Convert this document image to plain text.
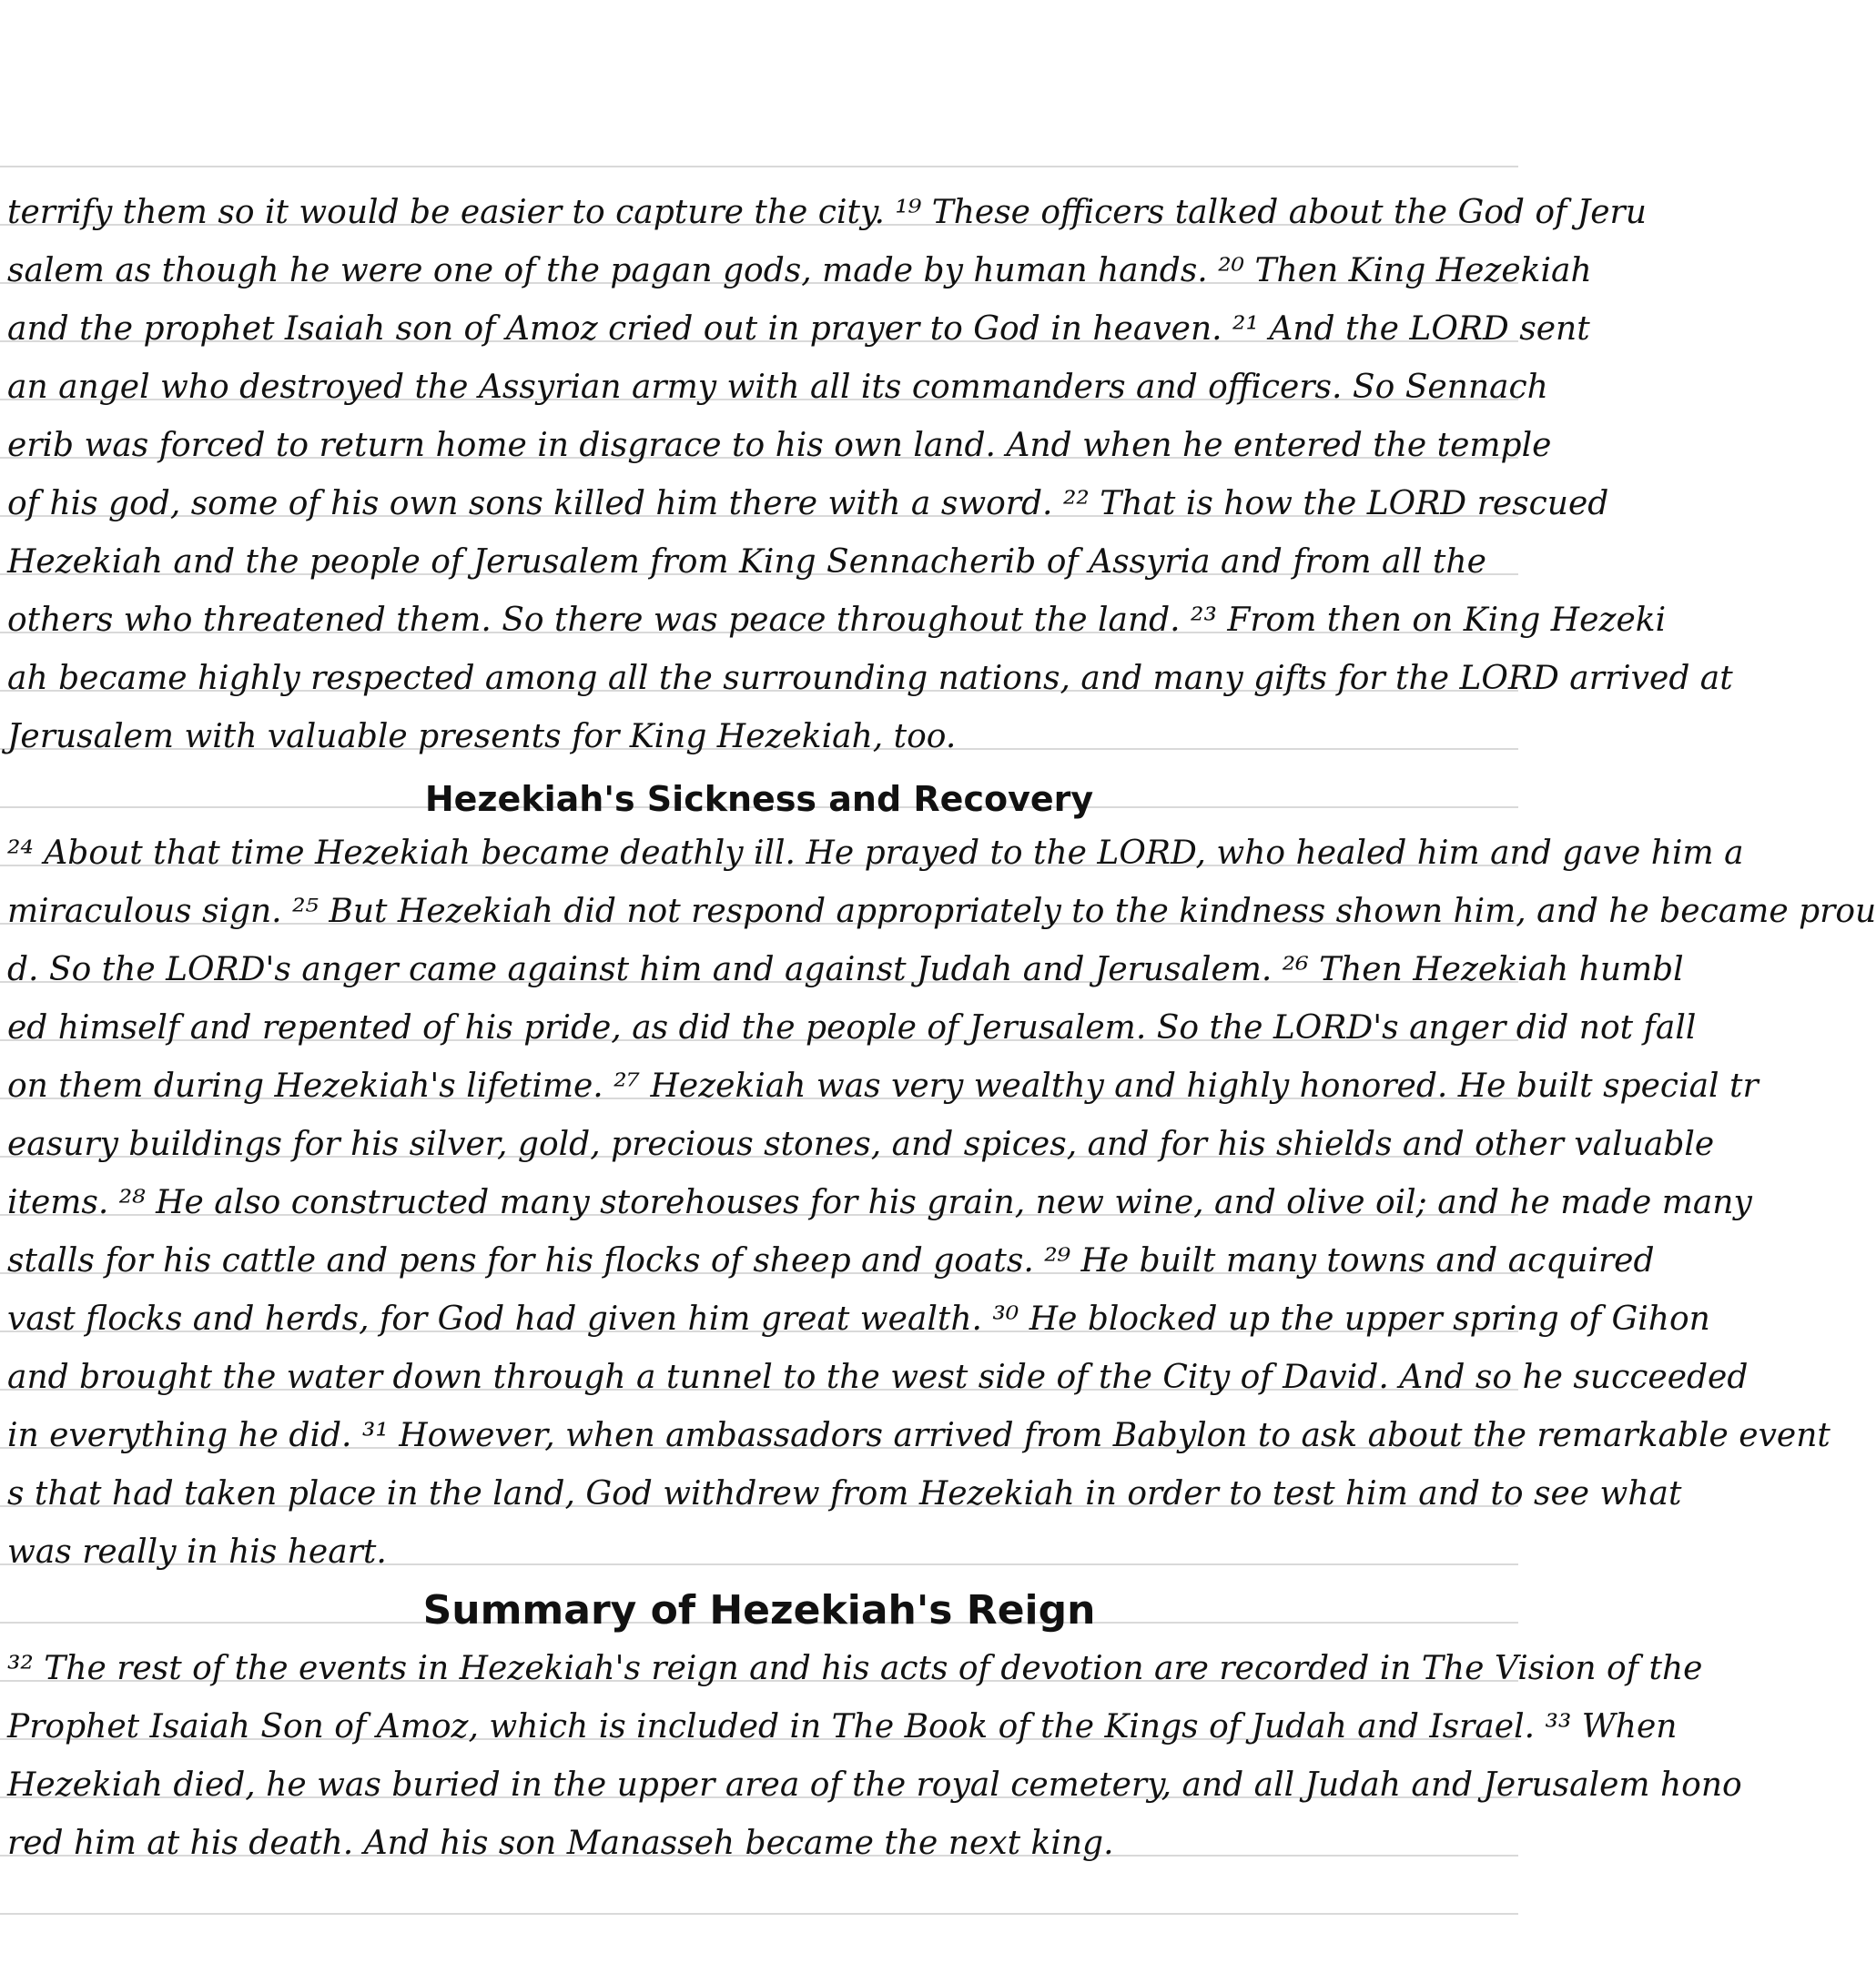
terrify them so it would be easier to capture the city. ¹⁹ These officers talked about the God of Jeru
salem as though he were one of the pagan gods, made by human hands. ²⁰ Then King Hezekiah
and the prophet Isaiah son of Amoz cried out in prayer to God in heaven. ²¹ And the LORD sent
an angel who destroyed the Assyrian army with all its commanders and officers. So Sennach
erib was forced to return home in disgrace to his own land. And when he entered the temple
of his god, some of his own sons killed him there with a sword. ²² That is how the LORD rescued
Hezekiah and the people of Jerusalem from King Sennacherib of Assyria and from all the
others who threatened them. So there was peace throughout the land. ²³ From then on King Hezeki
ah became highly respected among all the surrounding nations, and many gifts for the LORD arrived at
Jerusalem with valuable presents for King Hezekiah, too.
Hezekiah's Sickness and Recovery
²⁴ About that time Hezekiah became deathly ill. He prayed to the LORD, who healed him and gave him a
miraculous sign. ²⁵ But Hezekiah did not respond appropriately to the kindness shown him, and he became prou
d. So the LORD's anger came against him and against Judah and Jerusalem. ²⁶ Then Hezekiah humbl
ed himself and repented of his pride, as did the people of Jerusalem. So the LORD's anger did not fall
on them during Hezekiah's lifetime. ²⁷ Hezekiah was very wealthy and highly honored. He built special tr
easury buildings for his silver, gold, precious stones, and spices, and for his shields and other valuable
items. ²⁸ He also constructed many storehouses for his grain, new wine, and olive oil; and he made many
stalls for his cattle and pens for his flocks of sheep and goats. ²⁹ He built many towns and acquired
vast flocks and herds, for God had given him great wealth. ³⁰ He blocked up the upper spring of Gihon
and brought the water down through a tunnel to the west side of the City of David. And so he succeeded
in everything he did. ³¹ However, when ambassadors arrived from Babylon to ask about the remarkable event
s that had taken place in the land, God withdrew from Hezekiah in order to test him and to see what
was really in his heart.
Summary of Hezekiah's Reign
³² The rest of the events in Hezekiah's reign and his acts of devotion are recorded in The Vision of the
Prophet Isaiah Son of Amoz, which is included in The Book of the Kings of Judah and Israel. ³³ When
Hezekiah died, he was buried in the upper area of the royal cemetery, and all Judah and Jerusalem hono
red him at his death. And his son Manasseh became the next king.
